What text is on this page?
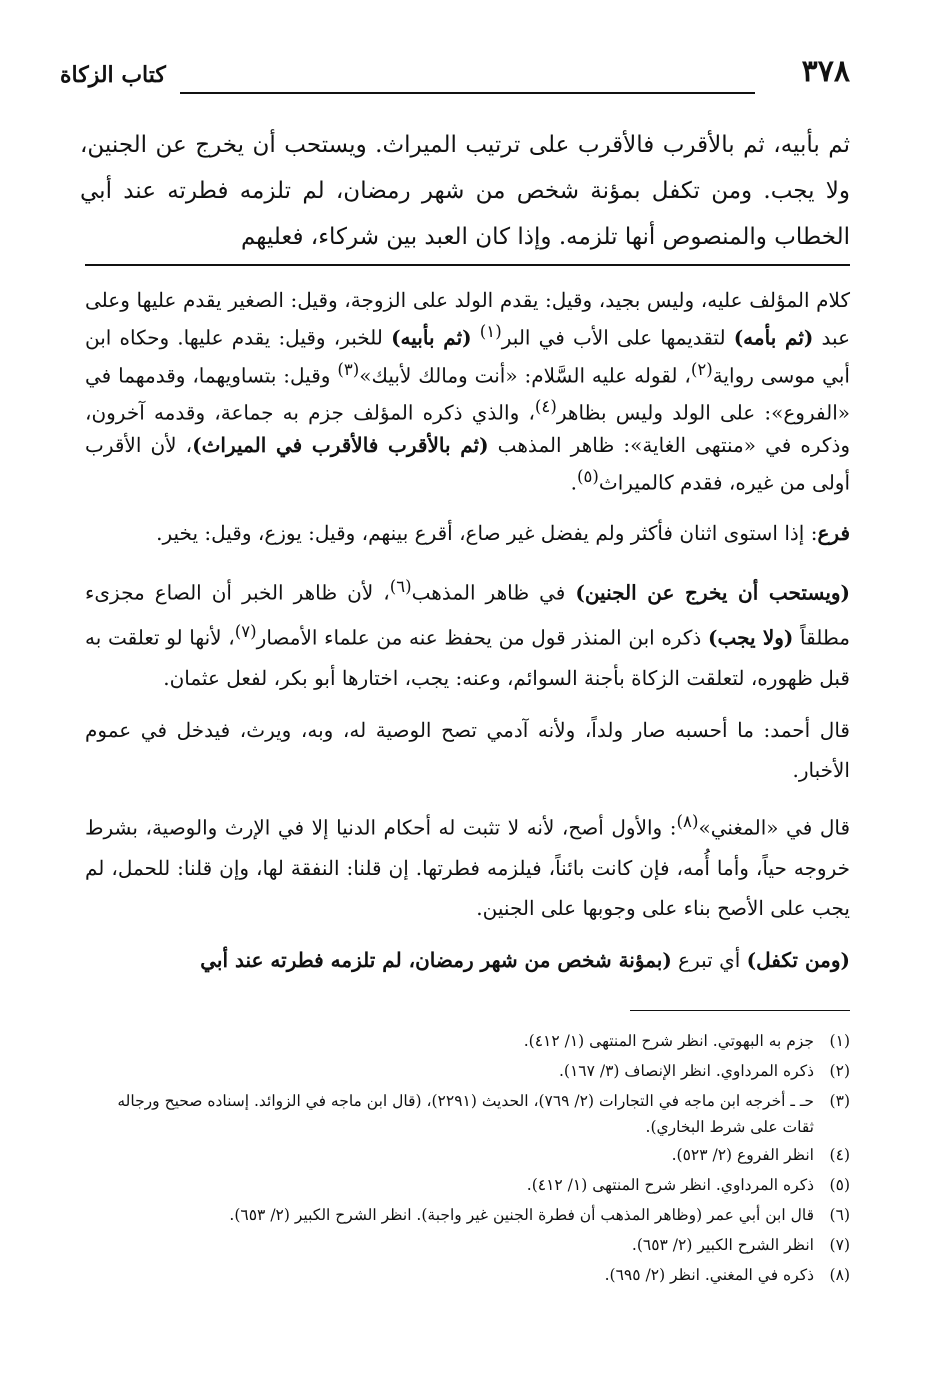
كتاب الزكاة	٣٧٨

ثم بأبيه، ثم بالأقرب فالأقرب على ترتيب الميراث. ويستحب أن يخرج عن الجنين، ولا يجب. ومن تكفل بمؤنة شخص من شهر رمضان، لم تلزمه فطرته عند أبي الخطاب والمنصوص أنها تلزمه. وإذا كان العبد بين شركاء، فعليهم

كلام المؤلف عليه، وليس بجيد، وقيل: يقدم الولد على الزوجة، وقيل: الصغير يقدم عليها وعلى عبد (ثم بأمه) لتقديمها على الأب في البر$^{(١)}$ (ثم بأبيه) للخبر، وقيل: يقدم عليها. وحكاه ابن أبي موسى رواية$^{(٢)}$، لقوله عليه السَّلام: «أنت ومالك لأبيك»$^{(٣)}$ وقيل: بتساويهما، وقدمهما في «الفروع»: على الولد وليس بظاهر$^{(٤)}$، والذي ذكره المؤلف جزم به جماعة، وقدمه آخرون، وذكره في «منتهى الغاية»: ظاهر المذهب (ثم بالأقرب فالأقرب في الميراث)، لأن الأقرب أولى من غيره، فقدم كالميراث$^{(٥)}$.

فرع: إذا استوى اثنان فأكثر ولم يفضل غير صاع، أقرع بينهم، وقيل: يوزع، وقيل: يخير.

(ويستحب أن يخرج عن الجنين) في ظاهر المذهب$^{(٦)}$، لأن ظاهر الخبر أن الصاع مجزىء مطلقاً (ولا يجب) ذكره ابن المنذر قول من يحفظ عنه من علماء الأمصار$^{(٧)}$، لأنها لو تعلقت به قبل ظهوره، لتعلقت الزكاة بأجنة السوائم، وعنه: يجب، اختارها أبو بكر، لفعل عثمان.

قال أحمد: ما أحسبه صار ولداً، ولأنه آدمي تصح الوصية له، وبه، ويرث، فيدخل في عموم الأخبار.

قال في «المغني»$^{(٨)}$: والأول أصح، لأنه لا تثبت له أحكام الدنيا إلا في الإرث والوصية، بشرط خروجه حياً، وأما أُمه، فإن كانت بائناً، فيلزمه فطرتها. إن قلنا: النفقة لها، وإن قلنا: للحمل، لم يجب على الأصح بناء على وجوبها على الجنين.

(ومن تكفل) أي تبرع (بمؤنة شخص من شهر رمضان، لم تلزمه فطرته عند أبي

(١)
جزم به البهوتي. انظر شرح المنتهى (١/ ٤١٢).
(٢)
ذكره المرداوي. انظر الإنصاف (٣/ ١٦٧).
(٣)
حـ ـ أخرجه ابن ماجه في التجارات (٢/ ٧٦٩)، الحديث (٢٢٩١)، (قال ابن ماجه في الزوائد. إسناده صحيح ورجاله ثقات على شرط البخاري).
(٤)
انظر الفروع (٢/ ٥٢٣).
(٥)
ذكره المرداوي. انظر شرح المنتهى (١/ ٤١٢).
(٦)
قال ابن أبي عمر (وظاهر المذهب أن فطرة الجنين غير واجبة). انظر الشرح الكبير (٢/ ٦٥٣).
(٧)
انظر الشرح الكبير (٢/ ٦٥٣).
(٨)
ذكره في المغني. انظر (٢/ ٦٩٥).
